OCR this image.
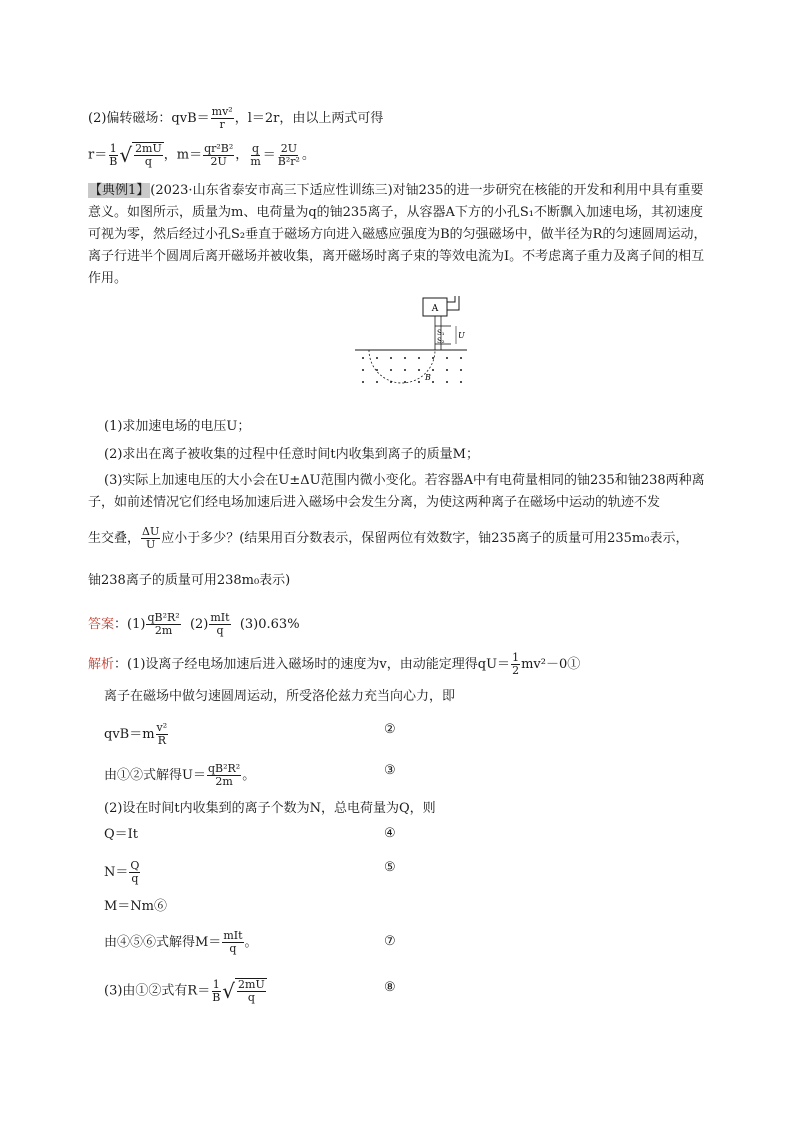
(2)偏转磁场：$qvB= \frac{\text{mv²}}{r}$ ，l＝2r，由以上两式可得
$r= \frac{1}{B}$ √ $\frac{2mU}{q}$ ，$m= \frac{\text{qr²B²}}{2U}$ ， $\frac{q}{m} = \frac{2U}{\text{B²r²}}$ 。
【典例1】(2023·山东省泰安市高三下适应性训练三)对铀235的进一步研究在核能的开发和利用中具有重要意义。如图所示，质量为m、电荷量为q的铀235离子，从容器A下方的小孔S₁不断飘入加速电场，其初速度可视为零，然后经过小孔S₂垂直于磁场方向进入磁感应强度为B的匀强磁场中，做半径为R的匀速圆周运动，离子行进半个圆周后离开磁场并被收集，离开磁场时离子束的等效电流为I。不考虑离子重力及离子间的相互作用。
A
S₁
S₂
U
B
(1)求加速电场的电压U；
(2)求出在离子被收集的过程中任意时间t内收集到离子的质量M；
(3)实际上加速电压的大小会在U±ΔU范围内微小变化。若容器A中有电荷量相同的铀235和铀238两种离子，如前述情况它们经电场加速后进入磁场中会发生分离，为使这两种离子在磁场中运动的轨迹不发
生交叠， $\frac{\Delta U}{U}$ 应小于多少？(结果用百分数表示，保留两位有效数字，铀235离子的质量可用235m₀表示，
铀238离子的质量可用238m₀表示)
答案：$(1) \frac{\text{qB²R²}}{2m} (2) \frac{\text{mIt}}{q} (3)0.63\%$
解析：(1)设离子经电场加速后进入磁场时的速度为v，由动能定理得$qU= \frac{1}{2}$ mv²－0①
离子在磁场中做匀速圆周运动，所受洛伦兹力充当向心力，即
$qvB=m \frac{\text{v²}}{R}$	②
由①②式解得$U= \frac{\text{qB²R²}}{2m}$ 。	③
(2)设在时间t内收集到的离子个数为N，总电荷量为Q，则
Q＝It	④
$N= \frac{Q}{q}$	⑤
M＝Nm⑥
由④⑤⑥式解得$M= \frac{\text{mIt}}{q}$ 。	⑦
(3)由①②式有$R= \frac{1}{B}$ √ $\frac{2mU}{q}$	⑧
